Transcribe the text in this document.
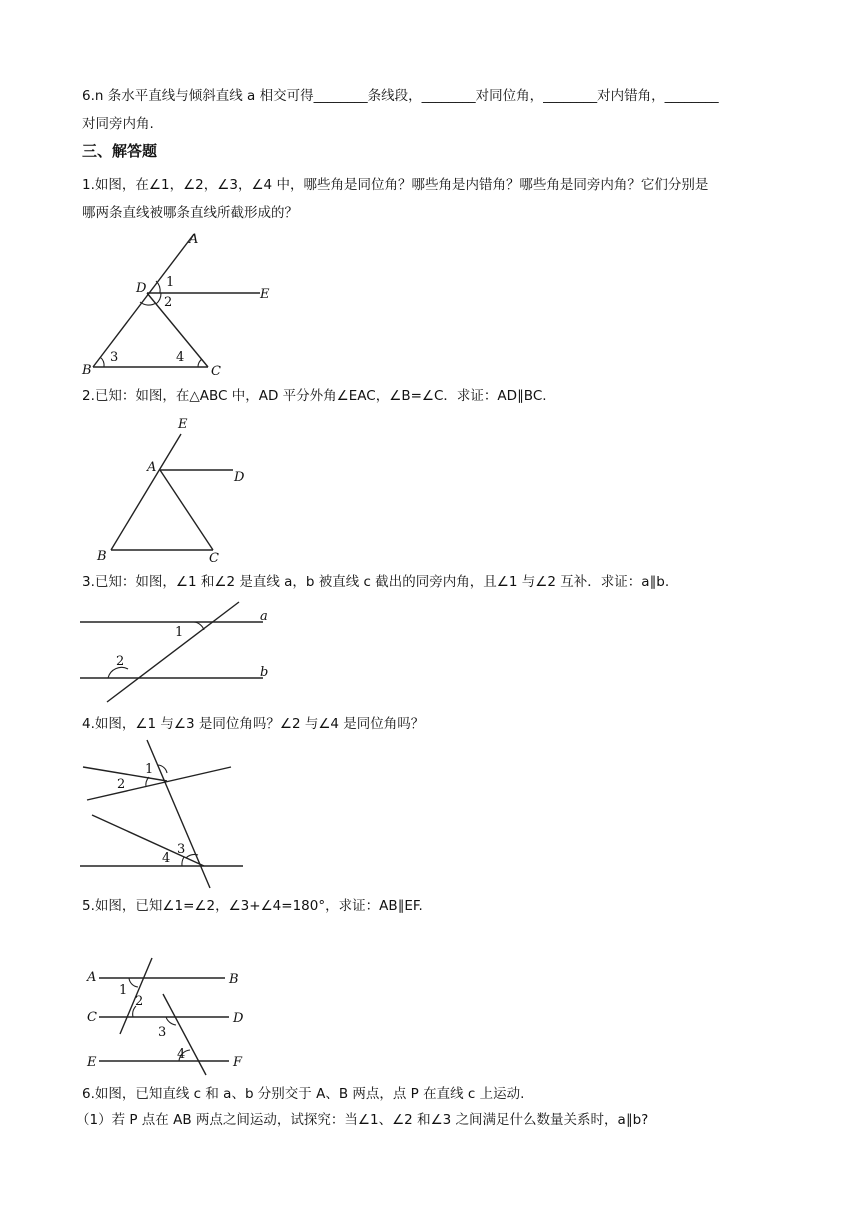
6.n 条水平直线与倾斜直线 a 相交可得________条线段，________对同位角，________对内错角，________
对同旁内角.
三、解答题
1.如图，在∠1，∠2，∠3，∠4 中，哪些角是同位角？哪些角是内错角？哪些角是同旁内角？它们分别是
哪两条直线被哪条直线所截形成的？
A
D	E
B	C
1
2
3	4
2.已知：如图，在△ABC 中，AD 平分外角∠EAC，∠B=∠C．求证：AD∥BC.
E
A
D
B	C
3.已知：如图，∠1 和∠2 是直线 a，b 被直线 c 截出的同旁内角，且∠1 与∠2 互补．求证：a∥b.
a
b
1
2
4.如图，∠1 与∠3 是同位角吗？∠2 与∠4 是同位角吗？
1
2
3
4
5.如图，已知∠1=∠2，∠3+∠4=180°，求证：AB∥EF.
A	B
C	D
E	F
1
2
3
4
6.如图，已知直线 c 和 a、b 分别交于 A、B 两点，点 P 在直线 c 上运动.
（1）若 P 点在 AB 两点之间运动，试探究：当∠1、∠2 和∠3 之间满足什么数量关系时，a∥b?
